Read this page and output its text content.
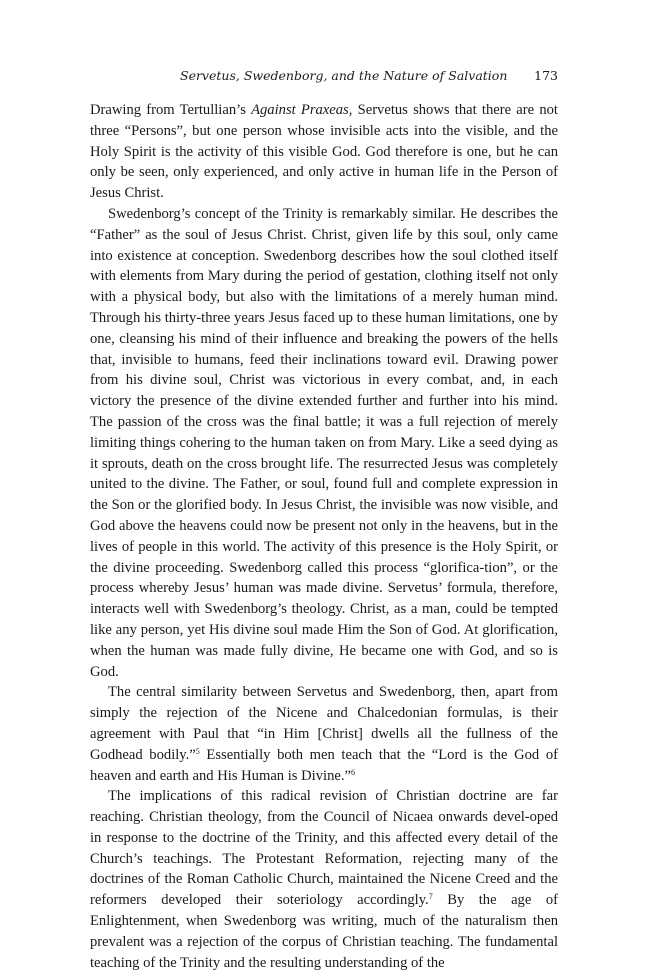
Servetus, Swedenborg, and the Nature of Salvation 173

Drawing from Tertullian’s Against Praxeas, Servetus shows that there are not three “Persons”, but one person whose invisible acts into the visible, and the Holy Spirit is the activity of this visible God. God therefore is one, but he can only be seen, only experienced, and only active in human life in the Person of Jesus Christ.

Swedenborg’s concept of the Trinity is remarkably similar. He describes the “Father” as the soul of Jesus Christ. Christ, given life by this soul, only came into existence at conception. Swedenborg describes how the soul clothed itself with elements from Mary during the period of gestation, clothing itself not only with a physical body, but also with the limitations of a merely human mind. Through his thirty-three years Jesus faced up to these human limitations, one by one, cleansing his mind of their influence and breaking the powers of the hells that, invisible to humans, feed their inclinations toward evil. Drawing power from his divine soul, Christ was victorious in every combat, and, in each victory the presence of the divine extended further and further into his mind. The passion of the cross was the final battle; it was a full rejection of merely limiting things cohering to the human taken on from Mary. Like a seed dying as it sprouts, death on the cross brought life. The resurrected Jesus was completely united to the divine. The Father, or soul, found full and complete expression in the Son or the glorified body. In Jesus Christ, the invisible was now visible, and God above the heavens could now be present not only in the heavens, but in the lives of people in this world. The activity of this presence is the Holy Spirit, or the divine proceeding. Swedenborg called this process “glorifica-tion”, or the process whereby Jesus’ human was made divine. Servetus’ formula, therefore, interacts well with Swedenborg’s theology. Christ, as a man, could be tempted like any person, yet His divine soul made Him the Son of God. At glorification, when the human was made fully divine, He became one with God, and so is God.

The central similarity between Servetus and Swedenborg, then, apart from simply the rejection of the Nicene and Chalcedonian formulas, is their agreement with Paul that “in Him [Christ] dwells all the fullness of the Godhead bodily.”$^5$ Essentially both men teach that the “Lord is the God of heaven and earth and His Human is Divine.”$^6$

The implications of this radical revision of Christian doctrine are far reaching. Christian theology, from the Council of Nicaea onwards devel-oped in response to the doctrine of the Trinity, and this affected every detail of the Church’s teachings. The Protestant Reformation, rejecting many of the doctrines of the Roman Catholic Church, maintained the Nicene Creed and the reformers developed their soteriology accordingly.$^7$ By the age of Enlightenment, when Swedenborg was writing, much of the naturalism then prevalent was a rejection of the corpus of Christian teaching. The fundamental teaching of the Trinity and the resulting understanding of the
